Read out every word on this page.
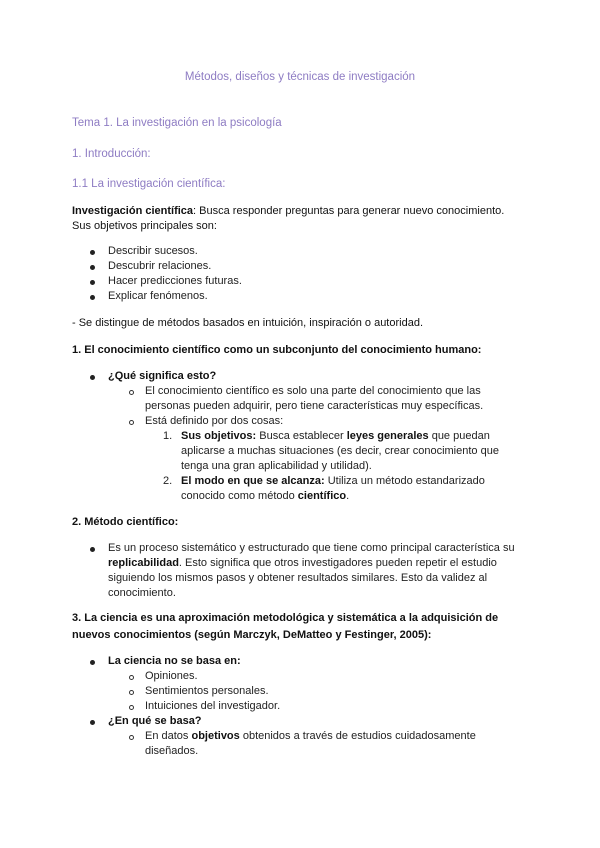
Métodos, diseños y técnicas de investigación
Tema 1. La investigación en la psicología
1. Introducción:
1.1 La investigación científica:
Investigación científica: Busca responder preguntas para generar nuevo conocimiento.
Sus objetivos principales son:
Describir sucesos.
Descubrir relaciones.
Hacer predicciones futuras.
Explicar fenómenos.
- Se distingue de métodos basados en intuición, inspiración o autoridad.
1. El conocimiento científico como un subconjunto del conocimiento humano:
¿Qué significa esto?
El conocimiento científico es solo una parte del conocimiento que las
personas pueden adquirir, pero tiene características muy específicas.
Está definido por dos cosas:
1. Sus objetivos: Busca establecer leyes generales que puedan
aplicarse a muchas situaciones (es decir, crear conocimiento que
tenga una gran aplicabilidad y utilidad).
2. El modo en que se alcanza: Utiliza un método estandarizado
conocido como método científico.
2. Método científico:
Es un proceso sistemático y estructurado que tiene como principal característica su
replicabilidad. Esto significa que otros investigadores pueden repetir el estudio
siguiendo los mismos pasos y obtener resultados similares. Esto da validez al
conocimiento.
3. La ciencia es una aproximación metodológica y sistemática a la adquisición de
nuevos conocimientos (según Marczyk, DeMatteo y Festinger, 2005):
La ciencia no se basa en:
Opiniones.
Sentimientos personales.
Intuiciones del investigador.
¿En qué se basa?
En datos objetivos obtenidos a través de estudios cuidadosamente
diseñados.
